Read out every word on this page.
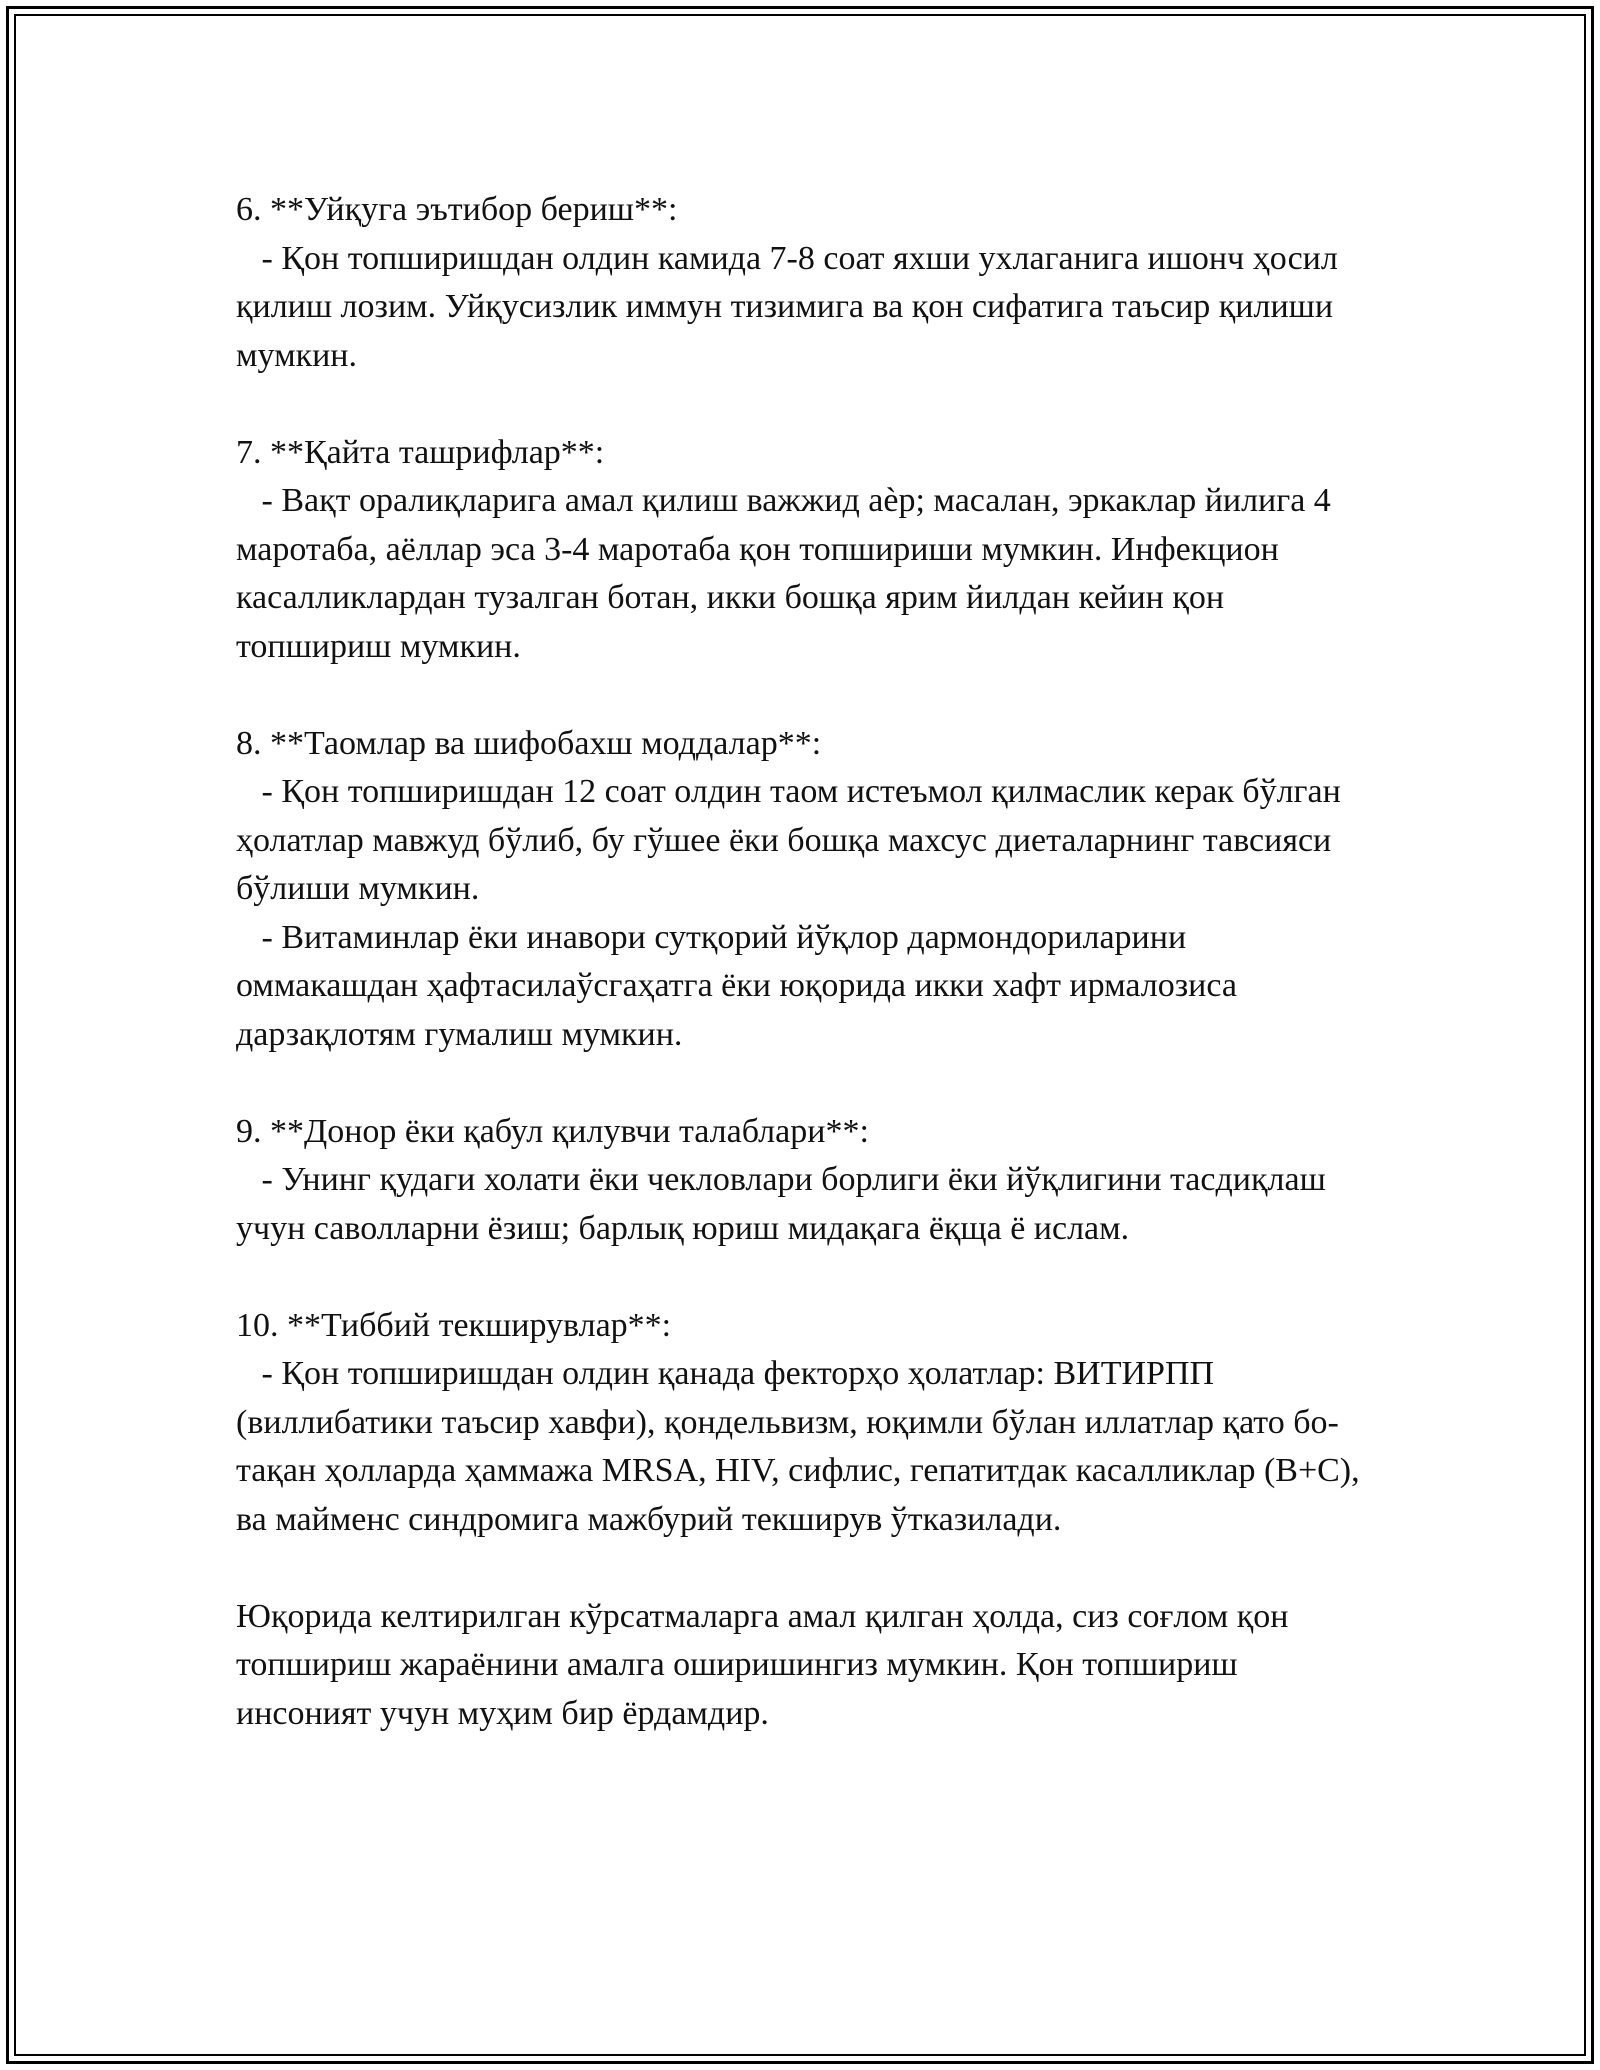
6. **Уйқуга эътибор бериш**:
- Қон топширишдан олдин камида 7-8 соат яхши ухлаганига ишонч ҳосил қилиш лозим. Уйқусизлик иммун тизимига ва қон сифатига таъсир қилиши мумкин.
7. **Қайта ташрифлар**:
- Вақт оралиқларига амал қилиш важжид аѐр; масалан, эркаклар йилига 4 маротаба, аёллар эса 3-4 маротаба қон топшириши мумкин. Инфекцион касалликлардан тузалган ботан, икки бошқа ярим йилдан кейин қон топшириш мумкин.
8. **Таомлар ва шифобахш моддалар**:
- Қон топширишдан 12 соат олдин таом истеъмол қилмаслик керак бўлган ҳолатлар мавжуд бўлиб, бу гўшее ёки бошқа махсус диеталарнинг тавсияси бўлиши мумкин.
- Витаминлар ёки инавори сутқорий йўқлор дармондориларини оммакашдан ҳафтасилаўсгаҳатга ёки юқорида икки хафт ирмалозиса дарзақлотям гумалиш мумкин.
9. **Донор ёки қабул қилувчи талаблари**:
- Унинг қудаги холати ёки чекловлари борлиги ёки йўқлигини тасдиқлаш учун саволларни ёзиш; барлық юриш мидақага ёқща ё ислам.
10. **Тиббий текширувлар**:
- Қон топширишдан олдин қанада фекторҳо ҳолатлар: ВИТИРПП (виллибатики таъсир хавфи), қондельвизм, юқимли бўлан иллатлар қато бо-тақан ҳолларда ҳаммажа MRSA, HIV, сифлис, гепатитдак касалликлар (B+C), ва майменс синдромига мажбурий текширув ўтказилади.
Юқорида келтирилган кўрсатмаларга амал қилган ҳолда, сиз соғлом қон топшириш жараёнини амалга оширишингиз мумкин. Қон топшириш инсоният учун муҳим бир ёрдамдир.
